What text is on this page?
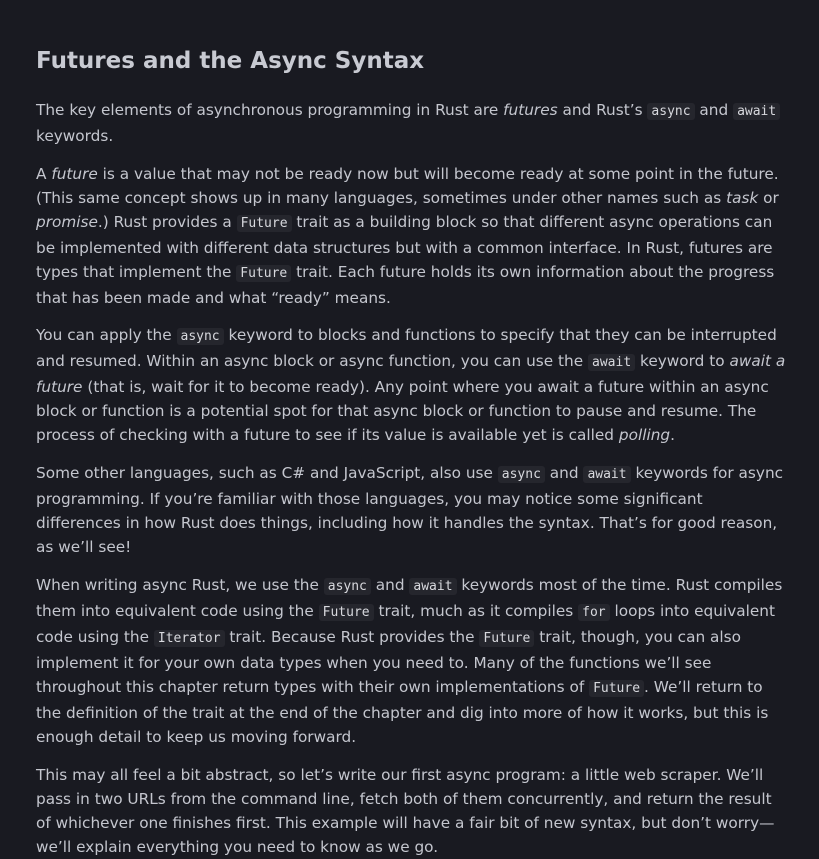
Futures and the Async Syntax

The key elements of asynchronous programming in Rust are futures and Rust’s async and await keywords.

A future is a value that may not be ready now but will become ready at some point in the future. (This same concept shows up in many languages, sometimes under other names such as task or promise.) Rust provides a Future trait as a building block so that different async operations can be implemented with different data structures but with a common interface. In Rust, futures are types that implement the Future trait. Each future holds its own information about the progress that has been made and what “ready” means.

You can apply the async keyword to blocks and functions to specify that they can be interrupted and resumed. Within an async block or async function, you can use the await keyword to await a future (that is, wait for it to become ready). Any point where you await a future within an async block or function is a potential spot for that async block or function to pause and resume. The process of checking with a future to see if its value is available yet is called polling.

Some other languages, such as C# and JavaScript, also use async and await keywords for async programming. If you’re familiar with those languages, you may notice some significant differences in how Rust does things, including how it handles the syntax. That’s for good reason, as we’ll see!

When writing async Rust, we use the async and await keywords most of the time. Rust compiles them into equivalent code using the Future trait, much as it compiles for loops into equivalent code using the Iterator trait. Because Rust provides the Future trait, though, you can also implement it for your own data types when you need to. Many of the functions we’ll see throughout this chapter return types with their own implementations of Future . We’ll return to the definition of the trait at the end of the chapter and dig into more of how it works, but this is enough detail to keep us moving forward.

This may all feel a bit abstract, so let’s write our first async program: a little web scraper. We’ll pass in two URLs from the command line, fetch both of them concurrently, and return the result of whichever one finishes first. This example will have a fair bit of new syntax, but don’t worry—we’ll explain everything you need to know as we go.
